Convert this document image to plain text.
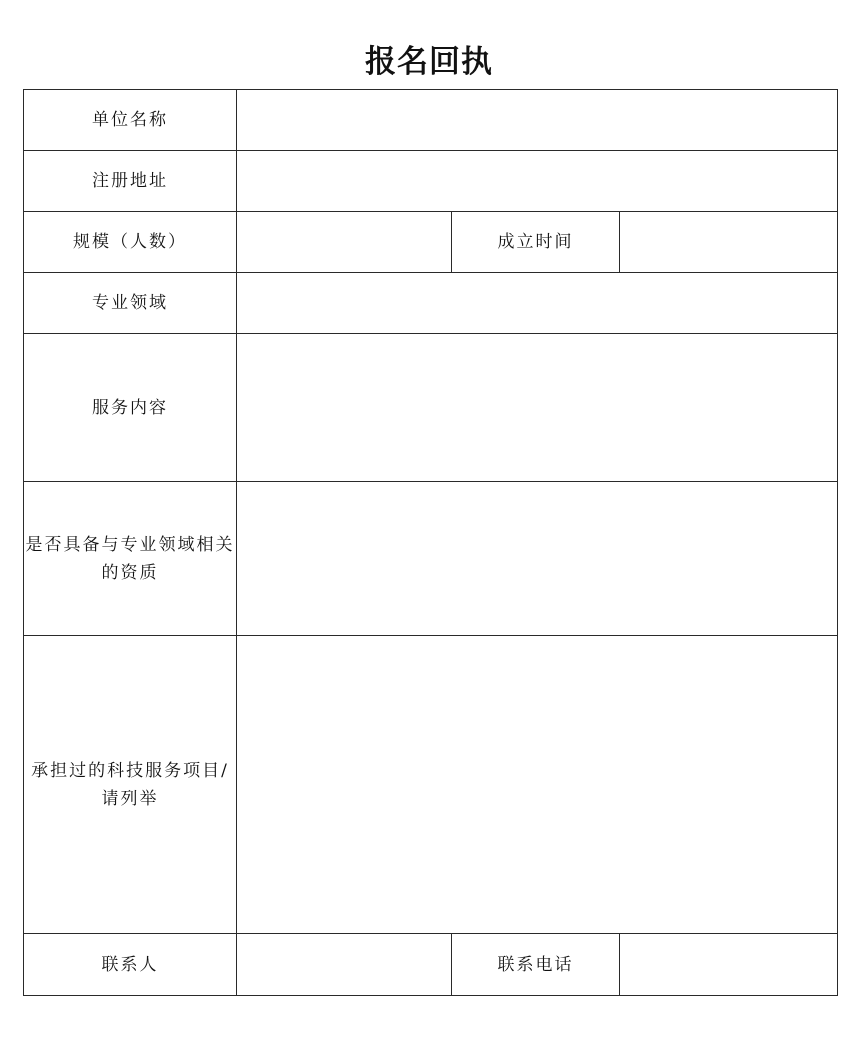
报名回执
单位名称			

注册地址			

规模（人数）		成立时间	

专业领域			

服务内容			

是否具备与专业领域相关的资质			

承担过的科技服务项目/请列举			

联系人		联系电话	
